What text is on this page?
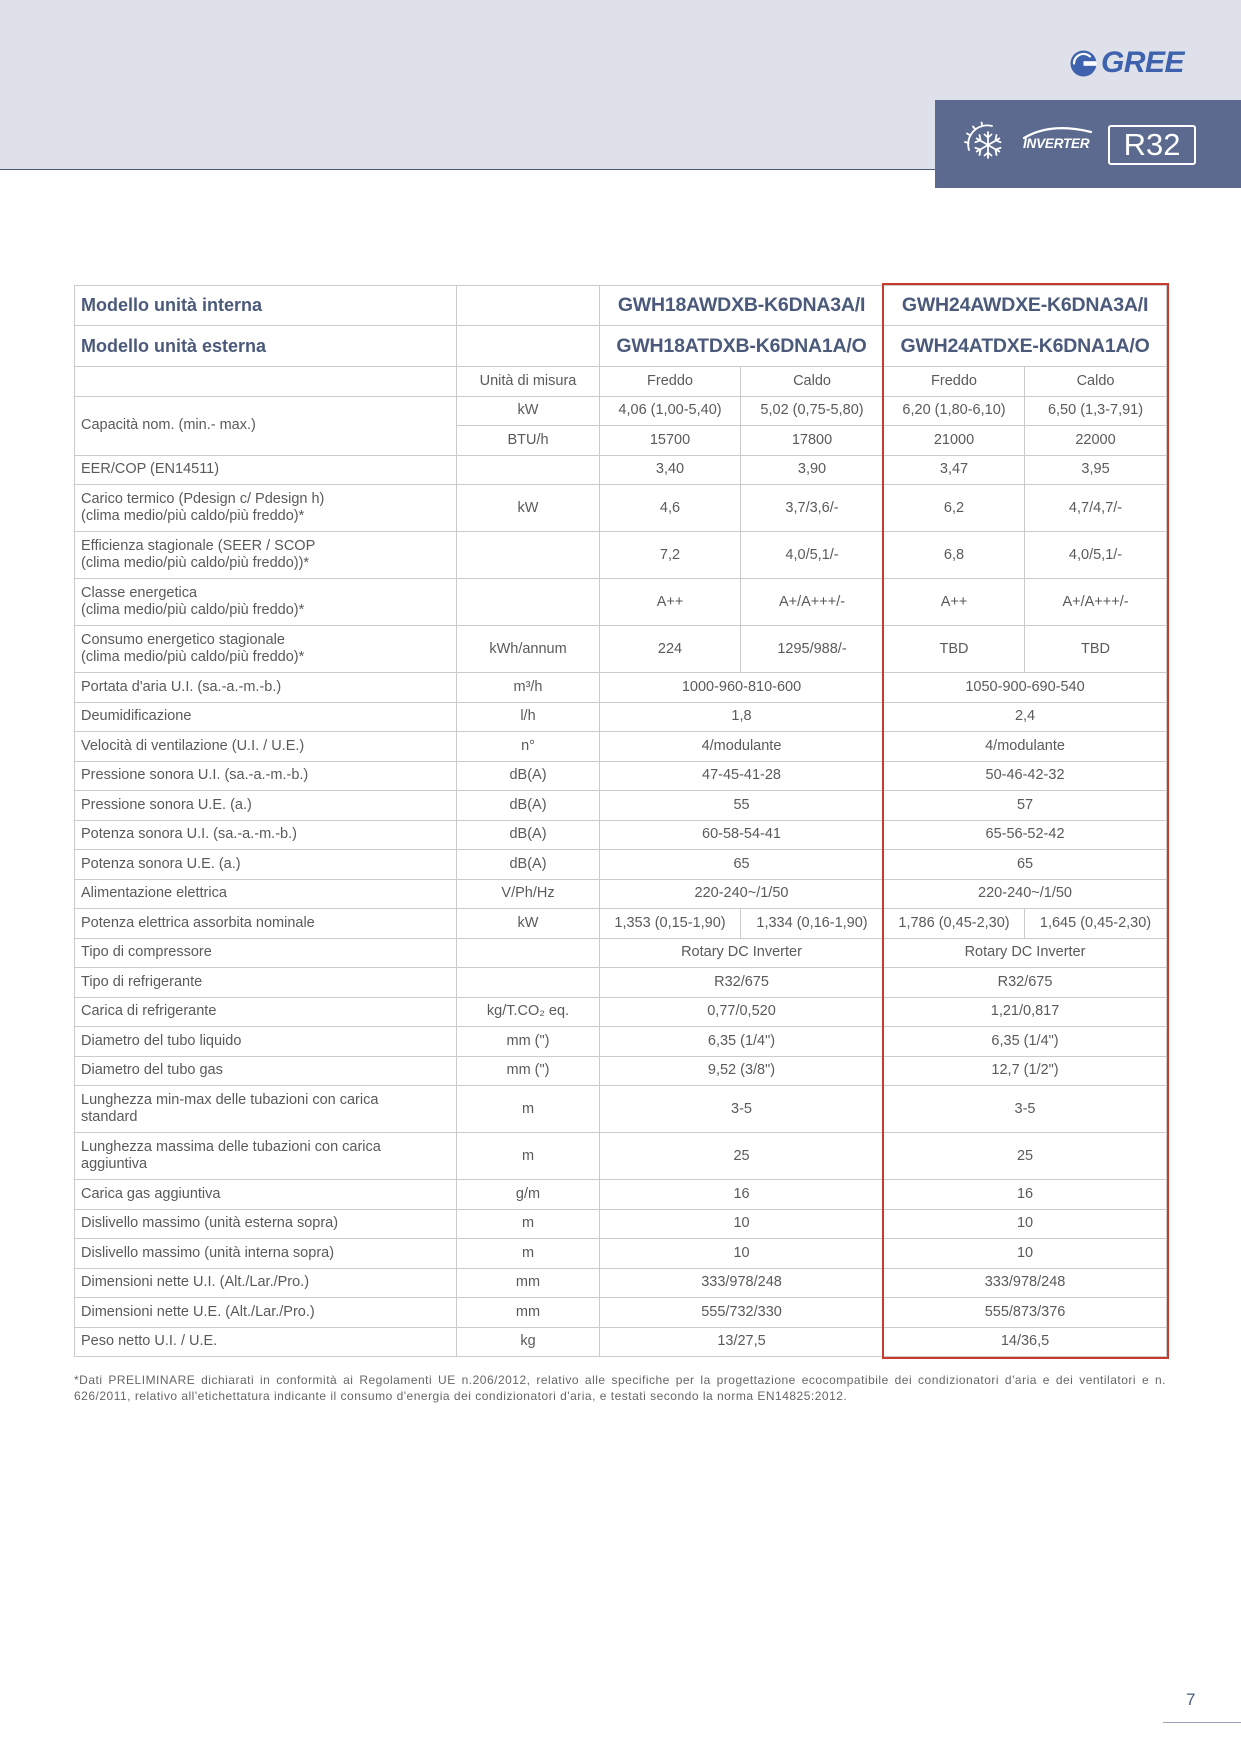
GREE
INVERTER	R32
Modello unità interna		GWH18AWDXB-K6DNA3A/I		GWH24AWDXE-K6DNA3A/I	
Modello unità esterna		GWH18ATDXB-K6DNA1A/O		GWH24ATDXE-K6DNA1A/O	
	Unità di misura	Freddo	Caldo	Freddo	Caldo
Capacità nom. (min.- max.)	kW	4,06 (1,00-5,40)	5,02 (0,75-5,80)	6,20 (1,80-6,10)	6,50 (1,3-7,91)
	BTU/h	15700	17800	21000	22000
EER/COP (EN14511)		3,40	3,90	3,47	3,95
Carico termico (Pdesign c/ Pdesign h)
(clima medio/più caldo/più freddo)*	kW	4,6	3,7/3,6/-	6,2	4,7/4,7/-
Efficienza stagionale (SEER / SCOP
(clima medio/più caldo/più freddo))*		7,2	4,0/5,1/-	6,8	4,0/5,1/-
Classe energetica
(clima medio/più caldo/più freddo)*		A++	A+/A+++/-	A++	A+/A+++/-
Consumo energetico stagionale
(clima medio/più caldo/più freddo)*	kWh/annum	224	1295/988/-	TBD	TBD
Portata d'aria U.I. (sa.-a.-m.-b.)	m³/h	1000-960-810-600		1050-900-690-540	
Deumidificazione	l/h	1,8		2,4	
Velocità di ventilazione (U.I. / U.E.)	n°	4/modulante		4/modulante	
Pressione sonora U.I. (sa.-a.-m.-b.)	dB(A)	47-45-41-28		50-46-42-32	
Pressione sonora U.E. (a.)	dB(A)	55		57	
Potenza sonora U.I. (sa.-a.-m.-b.)	dB(A)	60-58-54-41		65-56-52-42	
Potenza sonora U.E. (a.)	dB(A)	65		65	
Alimentazione elettrica	V/Ph/Hz	220-240~/1/50		220-240~/1/50	
Potenza elettrica assorbita nominale	kW	1,353 (0,15-1,90)	1,334 (0,16-1,90)	1,786 (0,45-2,30)	1,645 (0,45-2,30)
Tipo di compressore		Rotary DC Inverter		Rotary DC Inverter	
Tipo di refrigerante		R32/675		R32/675	
Carica di refrigerante	kg/T.CO₂ eq.	0,77/0,520		1,21/0,817	
Diametro del tubo liquido	mm (")	6,35 (1/4")		6,35 (1/4")	
Diametro del tubo gas	mm (")	9,52 (3/8")		12,7 (1/2")	
Lunghezza min-max delle tubazioni con carica
standard	m	3-5		3-5	
Lunghezza massima delle tubazioni con carica
aggiuntiva	m	25		25	
Carica gas aggiuntiva	g/m	16		16	
Dislivello massimo (unità esterna sopra)	m	10		10	
Dislivello massimo (unità interna sopra)	m	10		10	
Dimensioni nette U.I. (Alt./Lar./Pro.)	mm	333/978/248		333/978/248	
Dimensioni nette U.E. (Alt./Lar./Pro.)	mm	555/732/330		555/873/376	
Peso netto U.I. / U.E.	kg	13/27,5		14/36,5	

*Dati PRELIMINARE dichiarati in conformità ai Regolamenti UE n.206/2012, relativo alle specifiche per la progettazione ecocompatibile dei condizionatori d'aria e dei ventilatori e n. 626/2011, relativo all'etichettatura indicante il consumo d'energia dei condizionatori d'aria, e testati secondo la norma EN14825:2012.

7
